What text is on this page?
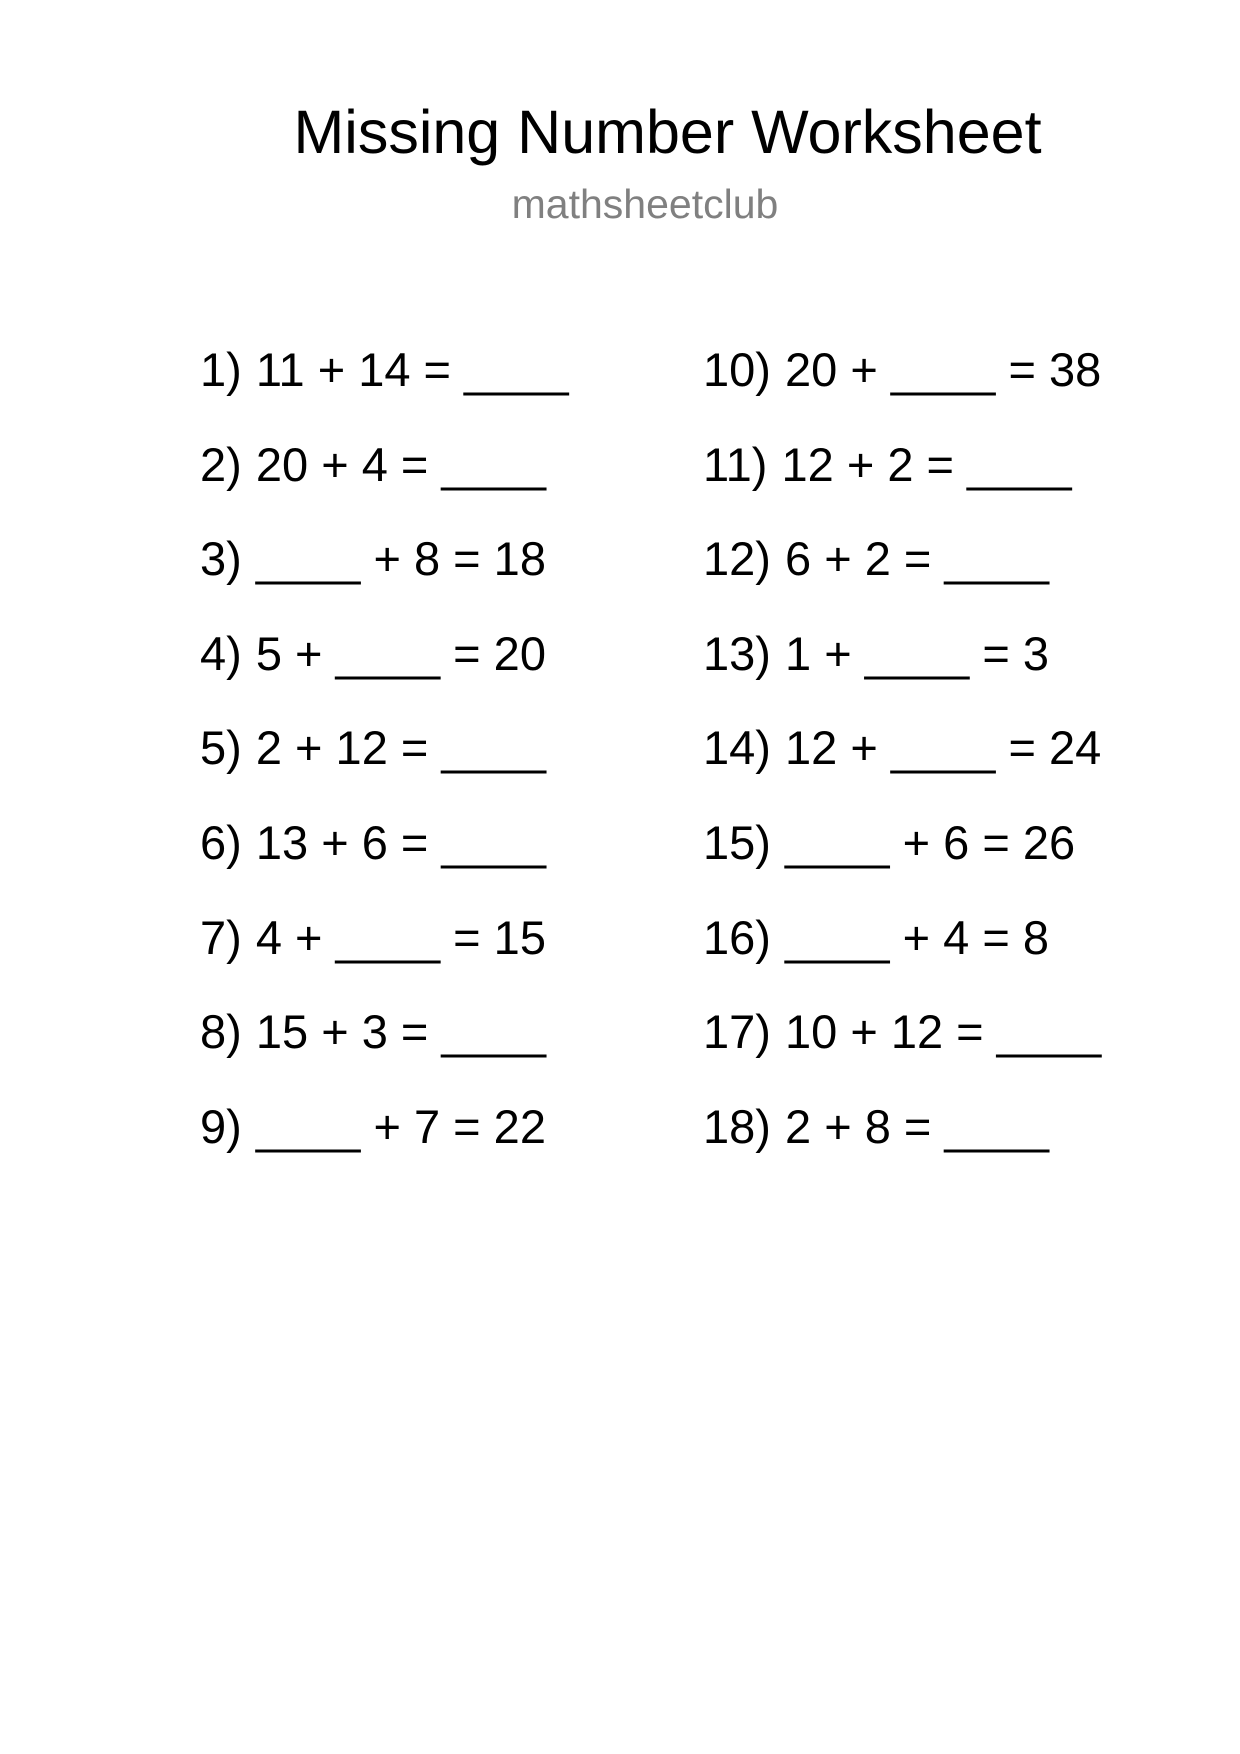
Missing Number Worksheet
mathsheetclub
1) 11 + 14 = ____
2) 20 + 4 = ____
3) ____ + 8 = 18
4) 5 + ____ = 20
5) 2 + 12 = ____
6) 13 + 6 = ____
7) 4 + ____ = 15
8) 15 + 3 = ____
9) ____ + 7 = 22
10) 20 + ____ = 38
11) 12 + 2 = ____
12) 6 + 2 = ____
13) 1 + ____ = 3
14) 12 + ____ = 24
15) ____ + 6 = 26
16) ____ + 4 = 8
17) 10 + 12 = ____
18) 2 + 8 = ____
